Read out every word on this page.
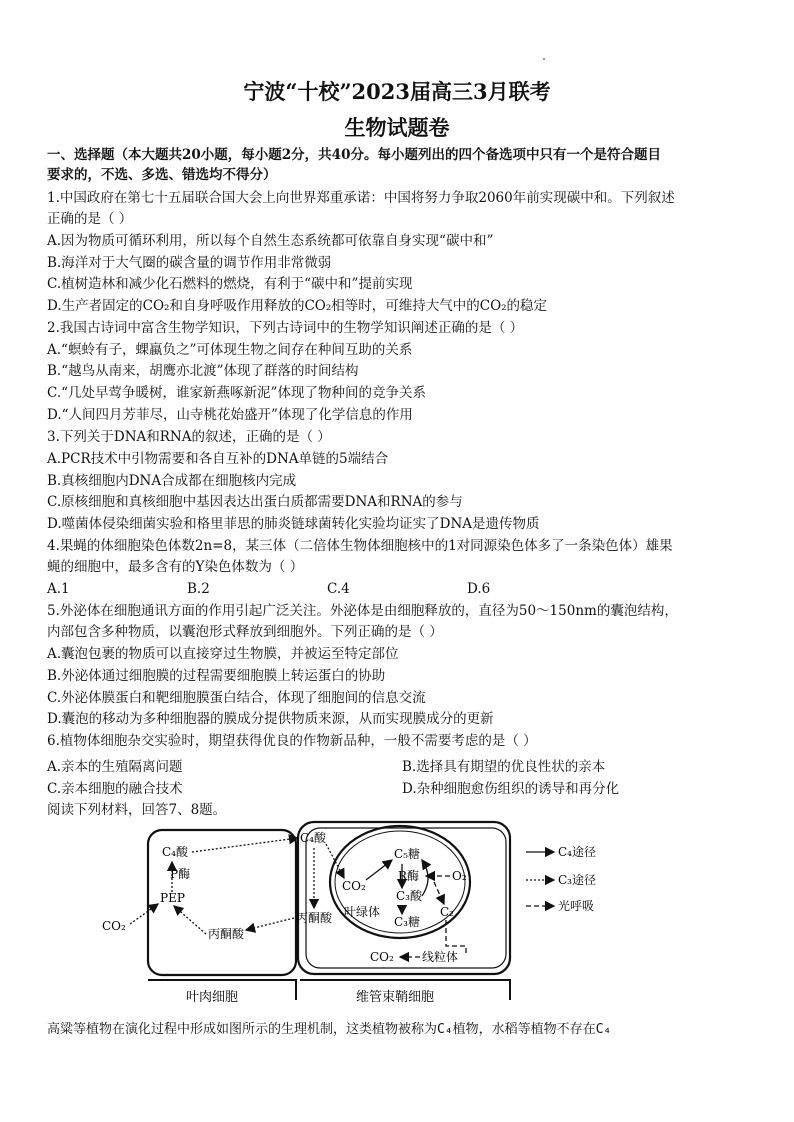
宁波“十校”2023届高三3月联考
生物试题卷
一、选择题（本大题共20小题，每小题2分，共40分。每小题列出的四个备选项中只有一个是符合题目
要求的，不选、多选、错选均不得分）
1.中国政府在第七十五届联合国大会上向世界郑重承诺：中国将努力争取2060年前实现碳中和。下列叙述
正确的是（ ）
A.因为物质可循环利用，所以每个自然生态系统都可依靠自身实现“碳中和”
B.海洋对于大气圈的碳含量的调节作用非常微弱
C.植树造林和减少化石燃料的燃烧，有利于“碳中和”提前实现
D.生产者固定的CO₂和自身呼吸作用释放的CO₂相等时，可维持大气中的CO₂的稳定
2.我国古诗词中富含生物学知识，下列古诗词中的生物学知识阐述正确的是（ ）
A.“螟蛉有子，蜾蠃负之”可体现生物之间存在种间互助的关系
B.“越鸟从南来，胡鹰亦北渡”体现了群落的时间结构
C.“几处早莺争暖树，谁家新燕啄新泥”体现了物种间的竞争关系
D.“人间四月芳菲尽，山寺桃花始盛开”体现了化学信息的作用
3.下列关于DNA和RNA的叙述，正确的是（ ）
A.PCR技术中引物需要和各自互补的DNA单链的5端结合
B.真核细胞内DNA合成都在细胞核内完成
C.原核细胞和真核细胞中基因表达出蛋白质都需要DNA和RNA的参与
D.噬菌体侵染细菌实验和格里菲思的肺炎链球菌转化实验均证实了DNA是遗传物质
4.果蝇的体细胞染色体数2n=8，某三体（二倍体生物体细胞核中的1对同源染色体多了一条染色体）雄果
蝇的细胞中，最多含有的Y染色体数为（ ）
A.1	B.2	C.4	D.6
5.外泌体在细胞通讯方面的作用引起广泛关注。外泌体是由细胞释放的，直径为50～150nm的囊泡结构，
内部包含多种物质，以囊泡形式释放到细胞外。下列正确的是（ ）
A.囊泡包裹的物质可以直接穿过生物膜，并被运至特定部位
B.外泌体通过细胞膜的过程需要细胞膜上转运蛋白的协助
C.外泌体膜蛋白和靶细胞膜蛋白结合，体现了细胞间的信息交流
D.囊泡的移动为多种细胞器的膜成分提供物质来源，从而实现膜成分的更新
6.植物体细胞杂交实验时，期望获得优良的作物新品种，一般不需要考虑的是（ ）
A.亲本的生殖隔离问题	B.选择具有期望的优良性状的亲本
C.亲本细胞的融合技术	D.杂种细胞愈伤组织的诱导和再分化
阅读下列材料，回答7、8题。
C₄酸
P酶
PEP
CO₂
丙酮酸
C₄酸
丙酮酸
CO₂
C₅糖
R酶
C₃酸
C₃糖
O₂
C₂
叶绿体
CO₂ 线粒体
叶肉细胞	维管束鞘细胞
C₄途径
C₃途径
光呼吸
高粱等植物在演化过程中形成如图所示的生理机制，这类植物被称为C₄植物，水稻等植物不存在C₄
